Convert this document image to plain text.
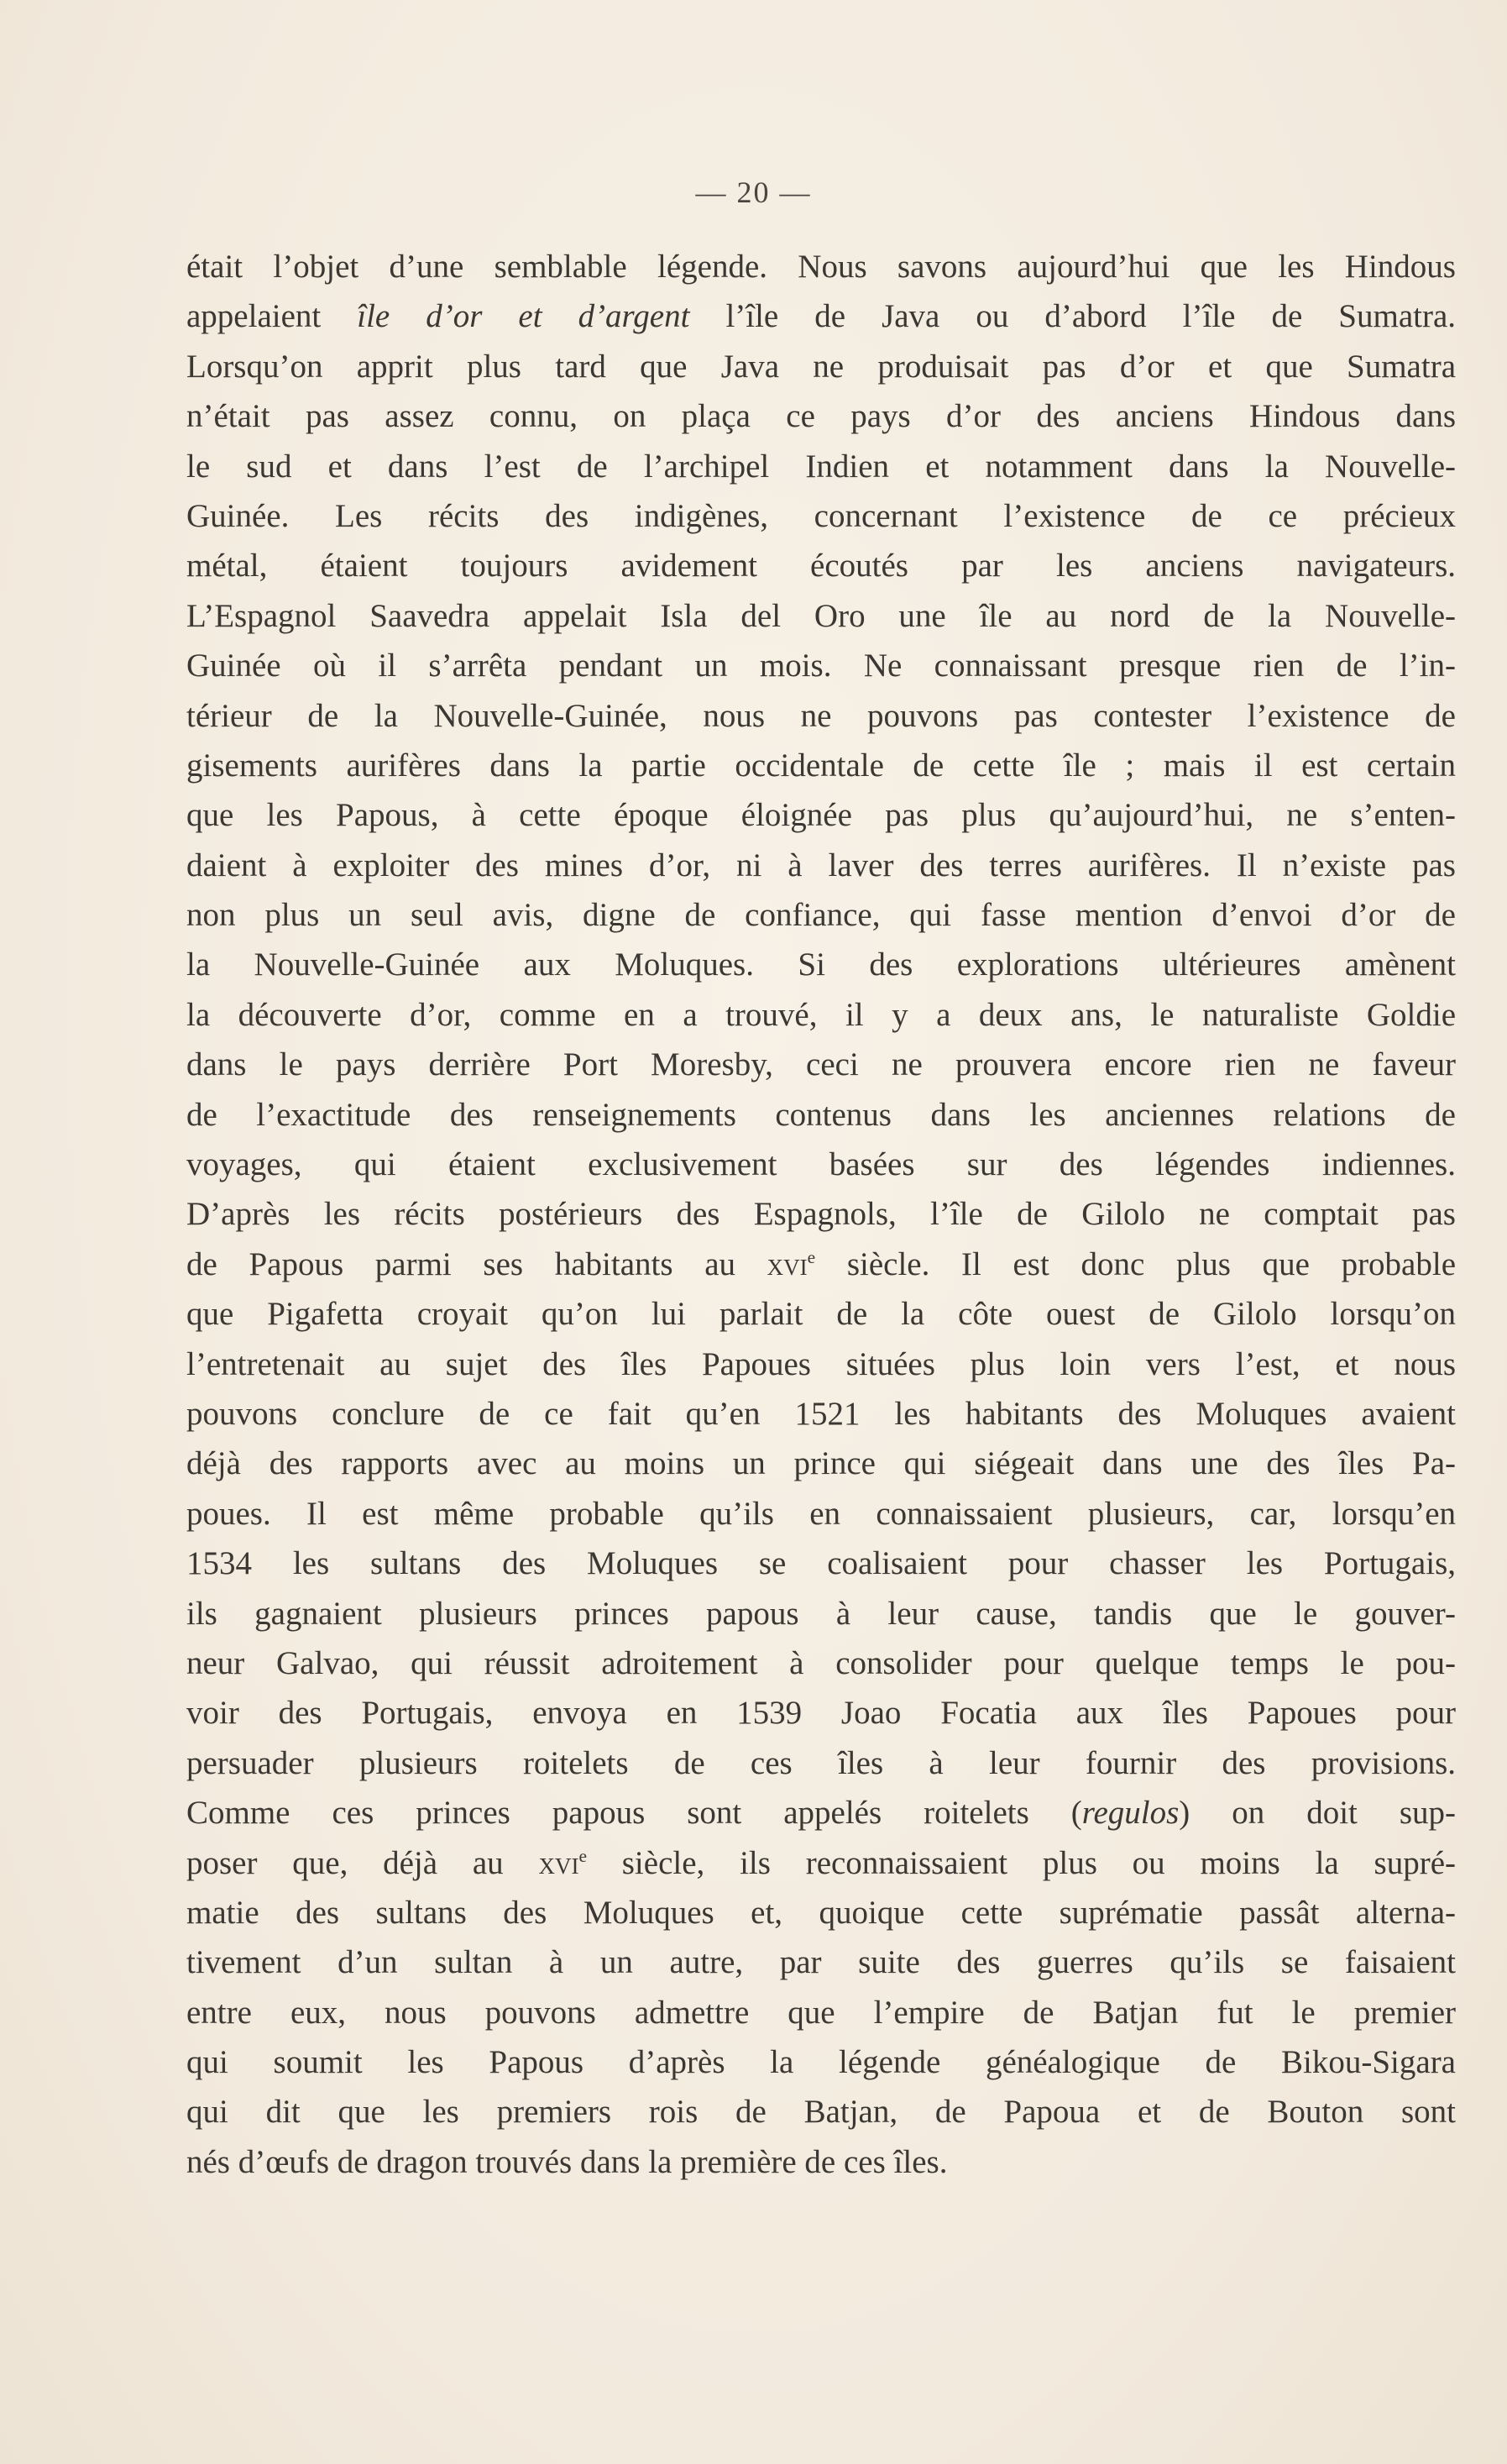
— 20 —
était l’objet d’une semblable légende. Nous savons aujourd’hui que les Hindous
appelaient île d’or et d’argent l’île de Java ou d’abord l’île de Sumatra.
Lorsqu’on apprit plus tard que Java ne produisait pas d’or et que Sumatra
n’était pas assez connu, on plaça ce pays d’or des anciens Hindous dans
le sud et dans l’est de l’archipel Indien et notamment dans la Nouvelle-
Guinée. Les récits des indigènes, concernant l’existence de ce précieux
métal, étaient toujours avidement écoutés par les anciens navigateurs.
L’Espagnol Saavedra appelait Isla del Oro une île au nord de la Nouvelle-
Guinée où il s’arrêta pendant un mois. Ne connaissant presque rien de l’in-
térieur de la Nouvelle-Guinée, nous ne pouvons pas contester l’existence de
gisements aurifères dans la partie occidentale de cette île ; mais il est certain
que les Papous, à cette époque éloignée pas plus qu’aujourd’hui, ne s’enten-
daient à exploiter des mines d’or, ni à laver des terres aurifères. Il n’existe pas
non plus un seul avis, digne de confiance, qui fasse mention d’envoi d’or de
la Nouvelle-Guinée aux Moluques. Si des explorations ultérieures amènent
la découverte d’or, comme en a trouvé, il y a deux ans, le naturaliste Goldie
dans le pays derrière Port Moresby, ceci ne prouvera encore rien ne faveur
de l’exactitude des renseignements contenus dans les anciennes relations de
voyages, qui étaient exclusivement basées sur des légendes indiennes.
D’après les récits postérieurs des Espagnols, l’île de Gilolo ne comptait pas
de Papous parmi ses habitants au xvi$^e$ siècle. Il est donc plus que probable
que Pigafetta croyait qu’on lui parlait de la côte ouest de Gilolo lorsqu’on
l’entretenait au sujet des îles Papoues situées plus loin vers l’est, et nous
pouvons conclure de ce fait qu’en 1521 les habitants des Moluques avaient
déjà des rapports avec au moins un prince qui siégeait dans une des îles Pa-
poues. Il est même probable qu’ils en connaissaient plusieurs, car, lorsqu’en
1534 les sultans des Moluques se coalisaient pour chasser les Portugais,
ils gagnaient plusieurs princes papous à leur cause, tandis que le gouver-
neur Galvao, qui réussit adroitement à consolider pour quelque temps le pou-
voir des Portugais, envoya en 1539 Joao Focatia aux îles Papoues pour
persuader plusieurs roitelets de ces îles à leur fournir des provisions.
Comme ces princes papous sont appelés roitelets (regulos) on doit sup-
poser que, déjà au xvi$^e$ siècle, ils reconnaissaient plus ou moins la supré-
matie des sultans des Moluques et, quoique cette suprématie passât alterna-
tivement d’un sultan à un autre, par suite des guerres qu’ils se faisaient
entre eux, nous pouvons admettre que l’empire de Batjan fut le premier
qui soumit les Papous d’après la légende généalogique de Bikou-Sigara
qui dit que les premiers rois de Batjan, de Papoua et de Bouton sont
nés d’œufs de dragon trouvés dans la première de ces îles.
